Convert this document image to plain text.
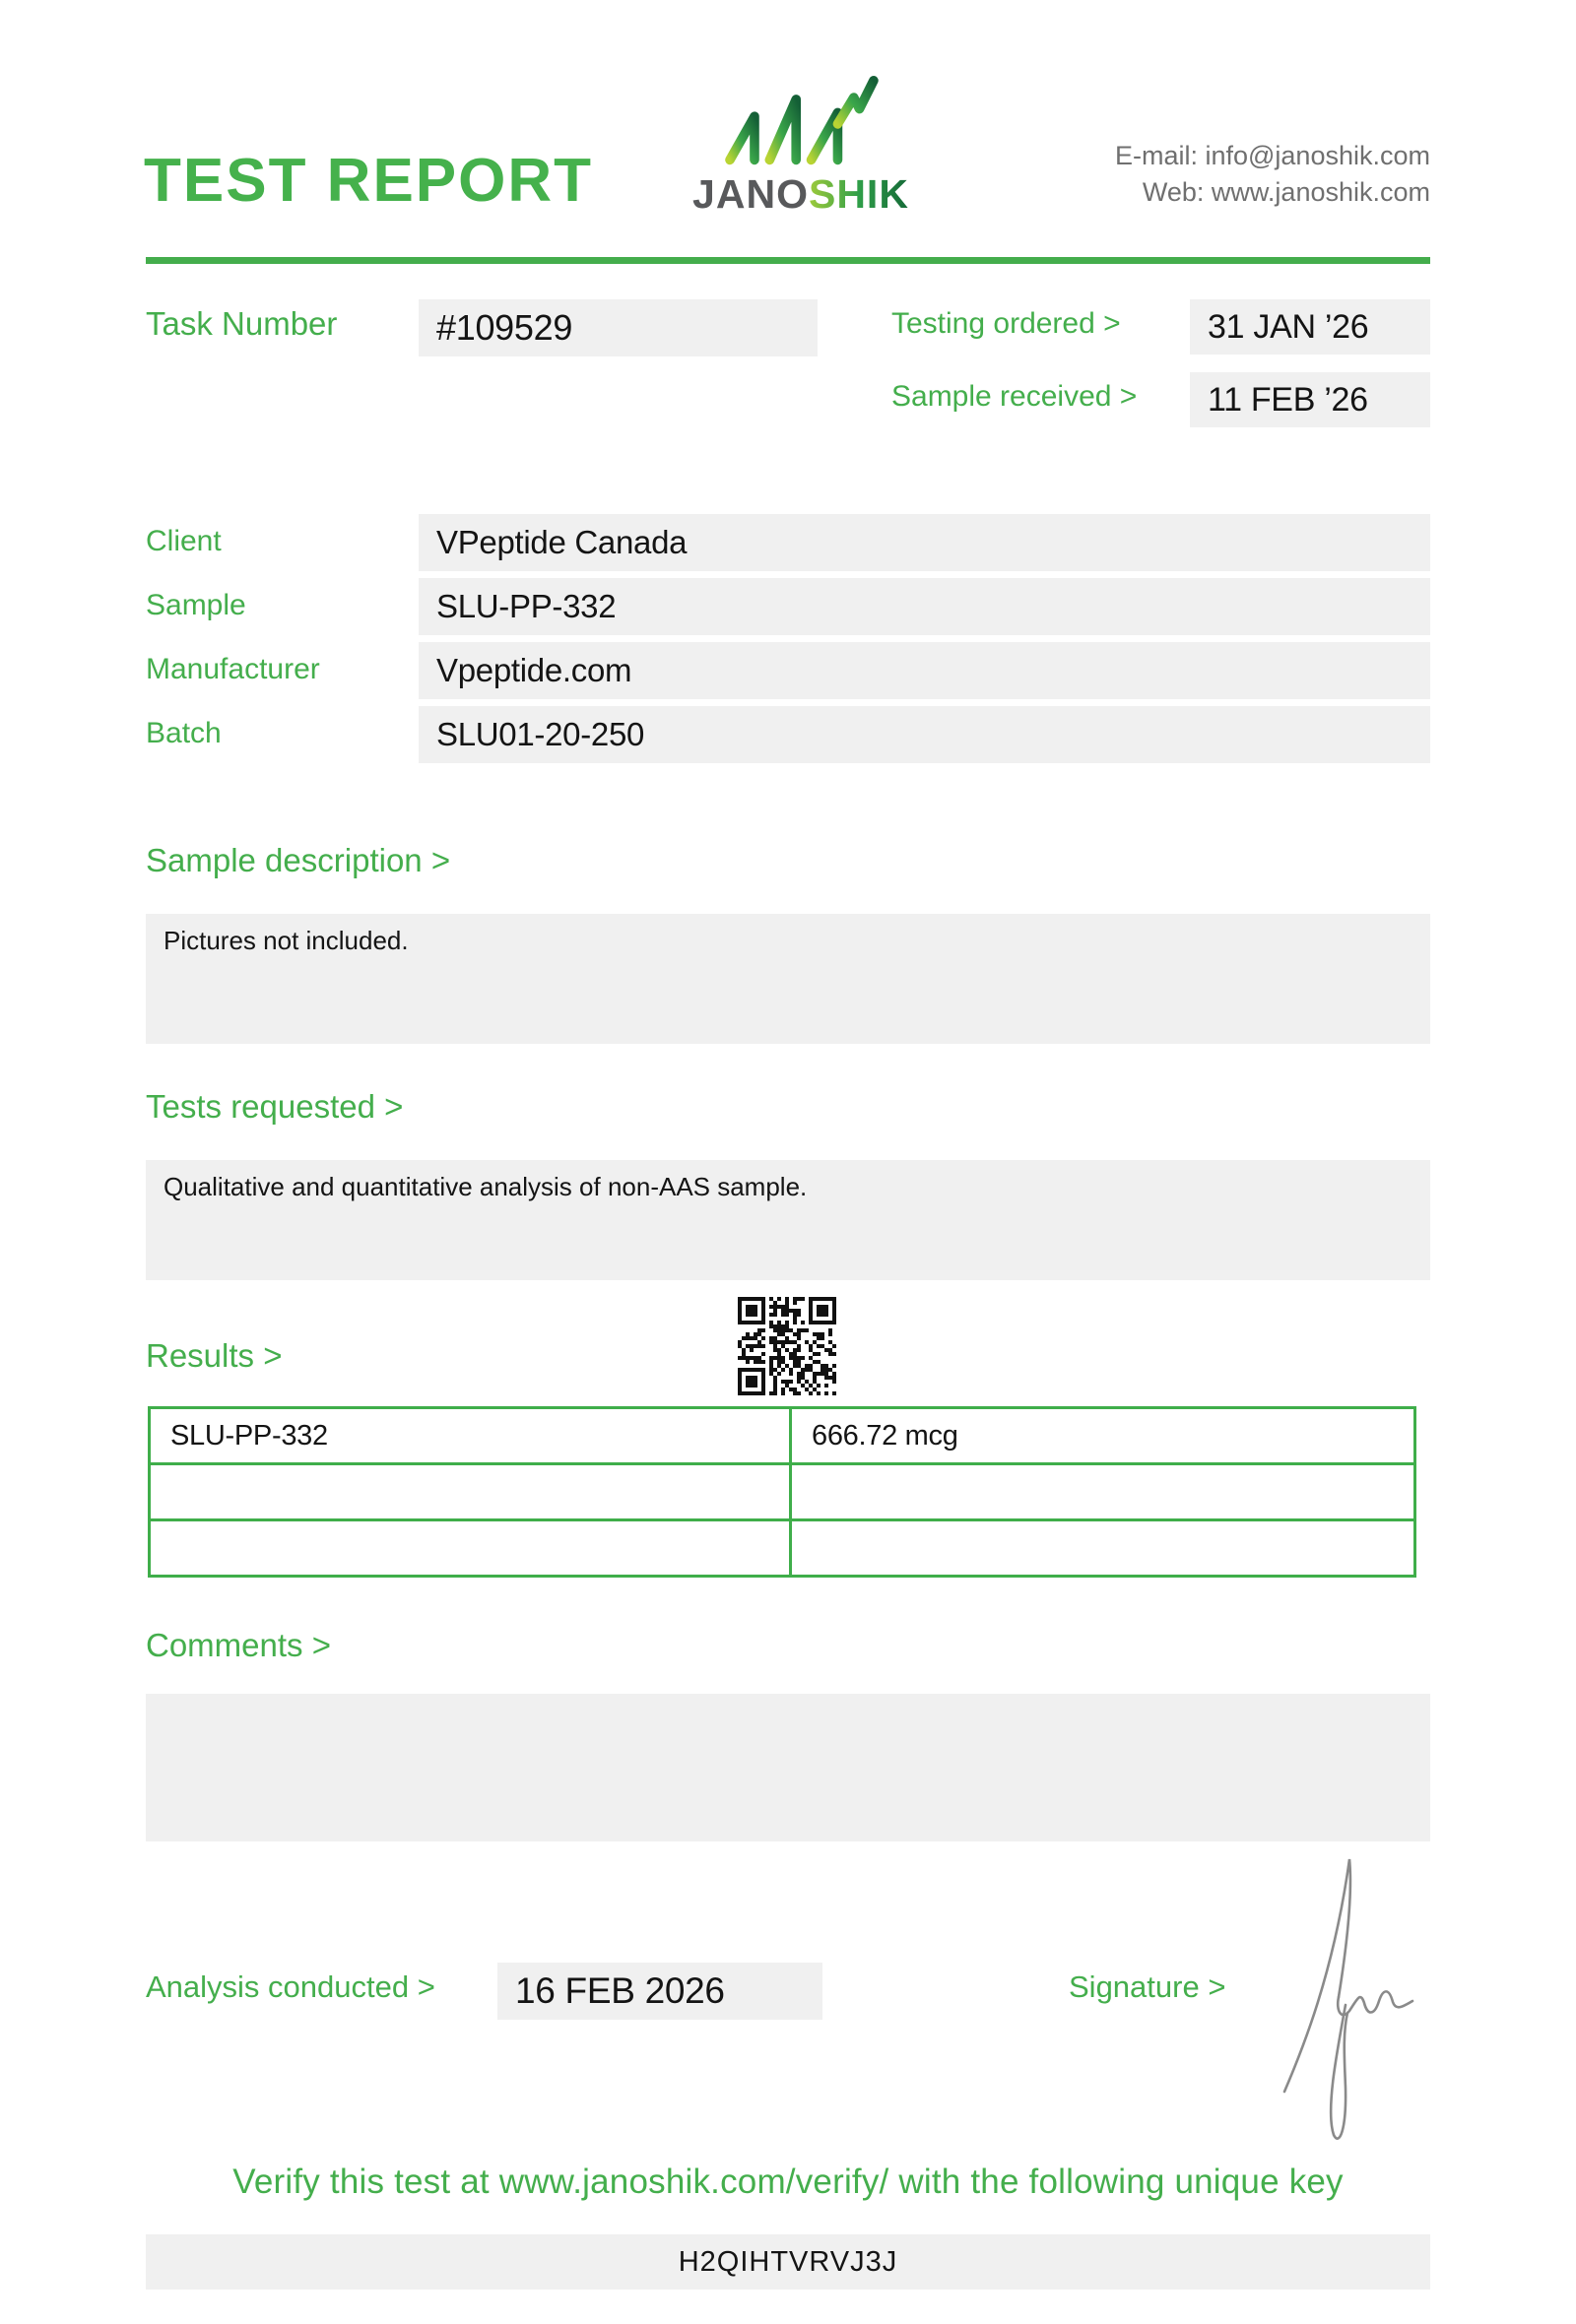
TEST REPORT	JANOSHIK
E-mail: info@janoshik.com
Web: www.janoshik.com
Task Number	#109529	Testing ordered >	31 JAN ’26
Sample received >	11 FEB ’26
Client	VPeptide Canada
Sample	SLU-PP-332
Manufacturer	Vpeptide.com
Batch	SLU01-20-250
Sample description >
Pictures not included.
Tests requested >
Qualitative and quantitative analysis of non-AAS sample.
Results >
SLU-PP-332	666.72 mcg
Comments >
Analysis conducted >	16 FEB 2026	Signature >
Verify this test at www.janoshik.com/verify/ with the following unique key
H2QIHTVRVJ3J
